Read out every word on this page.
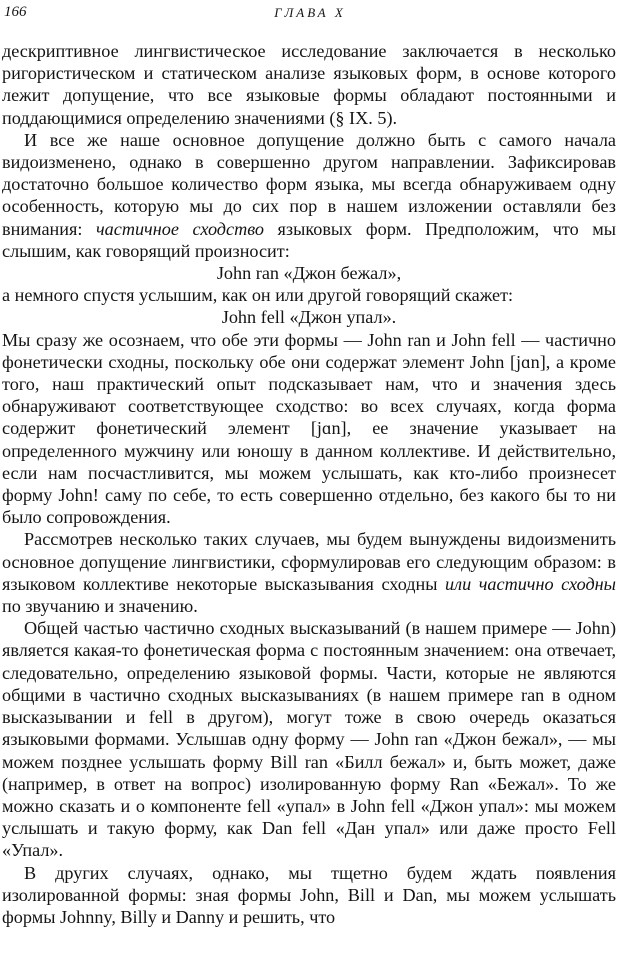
166	ГЛАВА X

дескриптивное лингвистическое исследование заключается в несколько ригористическом и статическом анализе языковых форм, в основе которого лежит допущение, что все языковые формы обладают постоянными и поддающимися определению значениями (§ IX. 5).

И все же наше основное допущение должно быть с самого начала видоизменено, однако в совершенно другом направлении. Зафиксировав достаточно большое количество форм языка, мы всегда обнаруживаем одну особенность, которую мы до сих пор в нашем изложении оставляли без внимания: частичное сходство языковых форм. Предположим, что мы слышим, как говорящий произносит:

John ran «Джон бежал»,

а немного спустя услышим, как он или другой говорящий скажет:

John fell «Джон упал».

Мы сразу же осознаем, что обе эти формы — John ran и John fell — частично фонетически сходны, поскольку обе они содержат элемент John [jɑn], а кроме того, наш практический опыт подсказывает нам, что и значения здесь обнаруживают соответствующее сходство: во всех случаях, когда форма содержит фонетический элемент [jɑn], ее значение указывает на определенного мужчину или юношу в данном коллективе. И действительно, если нам посчастливится, мы можем услышать, как кто-либо произнесет форму John! саму по себе, то есть совершенно отдельно, без какого бы то ни было сопровождения.

Рассмотрев несколько таких случаев, мы будем вынуждены видоизменить основное допущение лингвистики, сформулировав его следующим образом: в языковом коллективе некоторые высказывания сходны или частично сходны по звучанию и значению.

Общей частью частично сходных высказываний (в нашем примере — John) является какая-то фонетическая форма с постоянным значением: она отвечает, следовательно, определению языковой формы. Части, которые не являются общими в частично сходных высказываниях (в нашем примере ran в одном высказывании и fell в другом), могут тоже в свою очередь оказаться языковыми формами. Услышав одну форму — John ran «Джон бежал», — мы можем позднее услышать форму Bill ran «Билл бежал» и, быть может, даже (например, в ответ на вопрос) изолированную форму Ran «Бежал». То же можно сказать и о компоненте fell «упал» в John fell «Джон упал»: мы можем услышать и такую форму, как Dan fell «Дан упал» или даже просто Fell «Упал».

В других случаях, однако, мы тщетно будем ждать появления изолированной формы: зная формы John, Bill и Dan, мы можем услышать формы Johnny, Billy и Danny и решить, что
